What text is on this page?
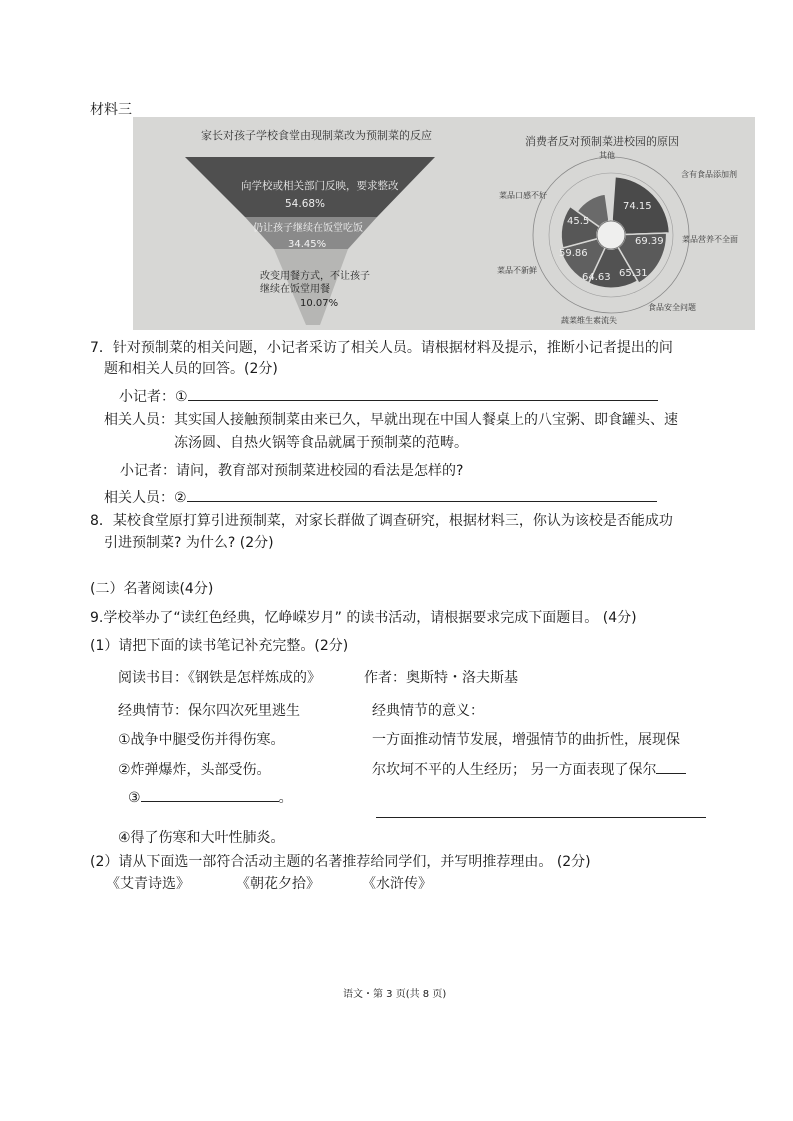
材料三
家长对孩子学校食堂由现制菜改为预制菜的反应
向学校或相关部门反映，要求整改
54.68%
仍让孩子继续在饭堂吃饭
34.45%
改变用餐方式，不让孩子
继续在饭堂用餐
10.07%
消费者反对预制菜进校园的原因
74.15
69.39
65.31
64.63
59.86
45.5
其他
含有食品添加剂
菜品营养不全面
食品安全问题
蔬菜维生素流失
菜品不新鲜
菜品口感不好
7．针对预制菜的相关问题，小记者采访了相关人员。请根据材料及提示，推断小记者提出的问
题和相关人员的回答。(2分)
小记者：①
相关人员： 其实国人接触预制菜由来已久，早就出现在中国人餐桌上的八宝粥、即食罐头、速
冻汤圆、自热火锅等食品就属于预制菜的范畴。
小记者：请问，教育部对预制菜进校园的看法是怎样的?
相关人员：②
8．某校食堂原打算引进预制菜，对家长群做了调查研究，根据材料三，你认为该校是否能成功
引进预制菜? 为什么? (2分)
(二）名著阅读(4分)
9.学校举办了“读红色经典，忆峥嵘岁月” 的读书活动，请根据要求完成下面题目。 (4分)
(1）请把下面的读书笔记补充完整。(2分)
阅读书目：《钢铁是怎样炼成的》	作者：奥斯特・洛夫斯基
经典情节：保尔四次死里逃生	经典情节的意义：
①战争中腿受伤并得伤寒。	一方面推动情节发展，增强情节的曲折性，展现保
②炸弹爆炸，头部受伤。	尔坎坷不平的人生经历； 另一方面表现了保尔
③	。
④得了伤寒和大叶性肺炎。
(2）请从下面选一部符合活动主题的名著推荐给同学们，并写明推荐理由。 (2分)
《艾青诗选》	《朝花夕拾》	《水浒传》
语文・第 3 页(共 8 页)
